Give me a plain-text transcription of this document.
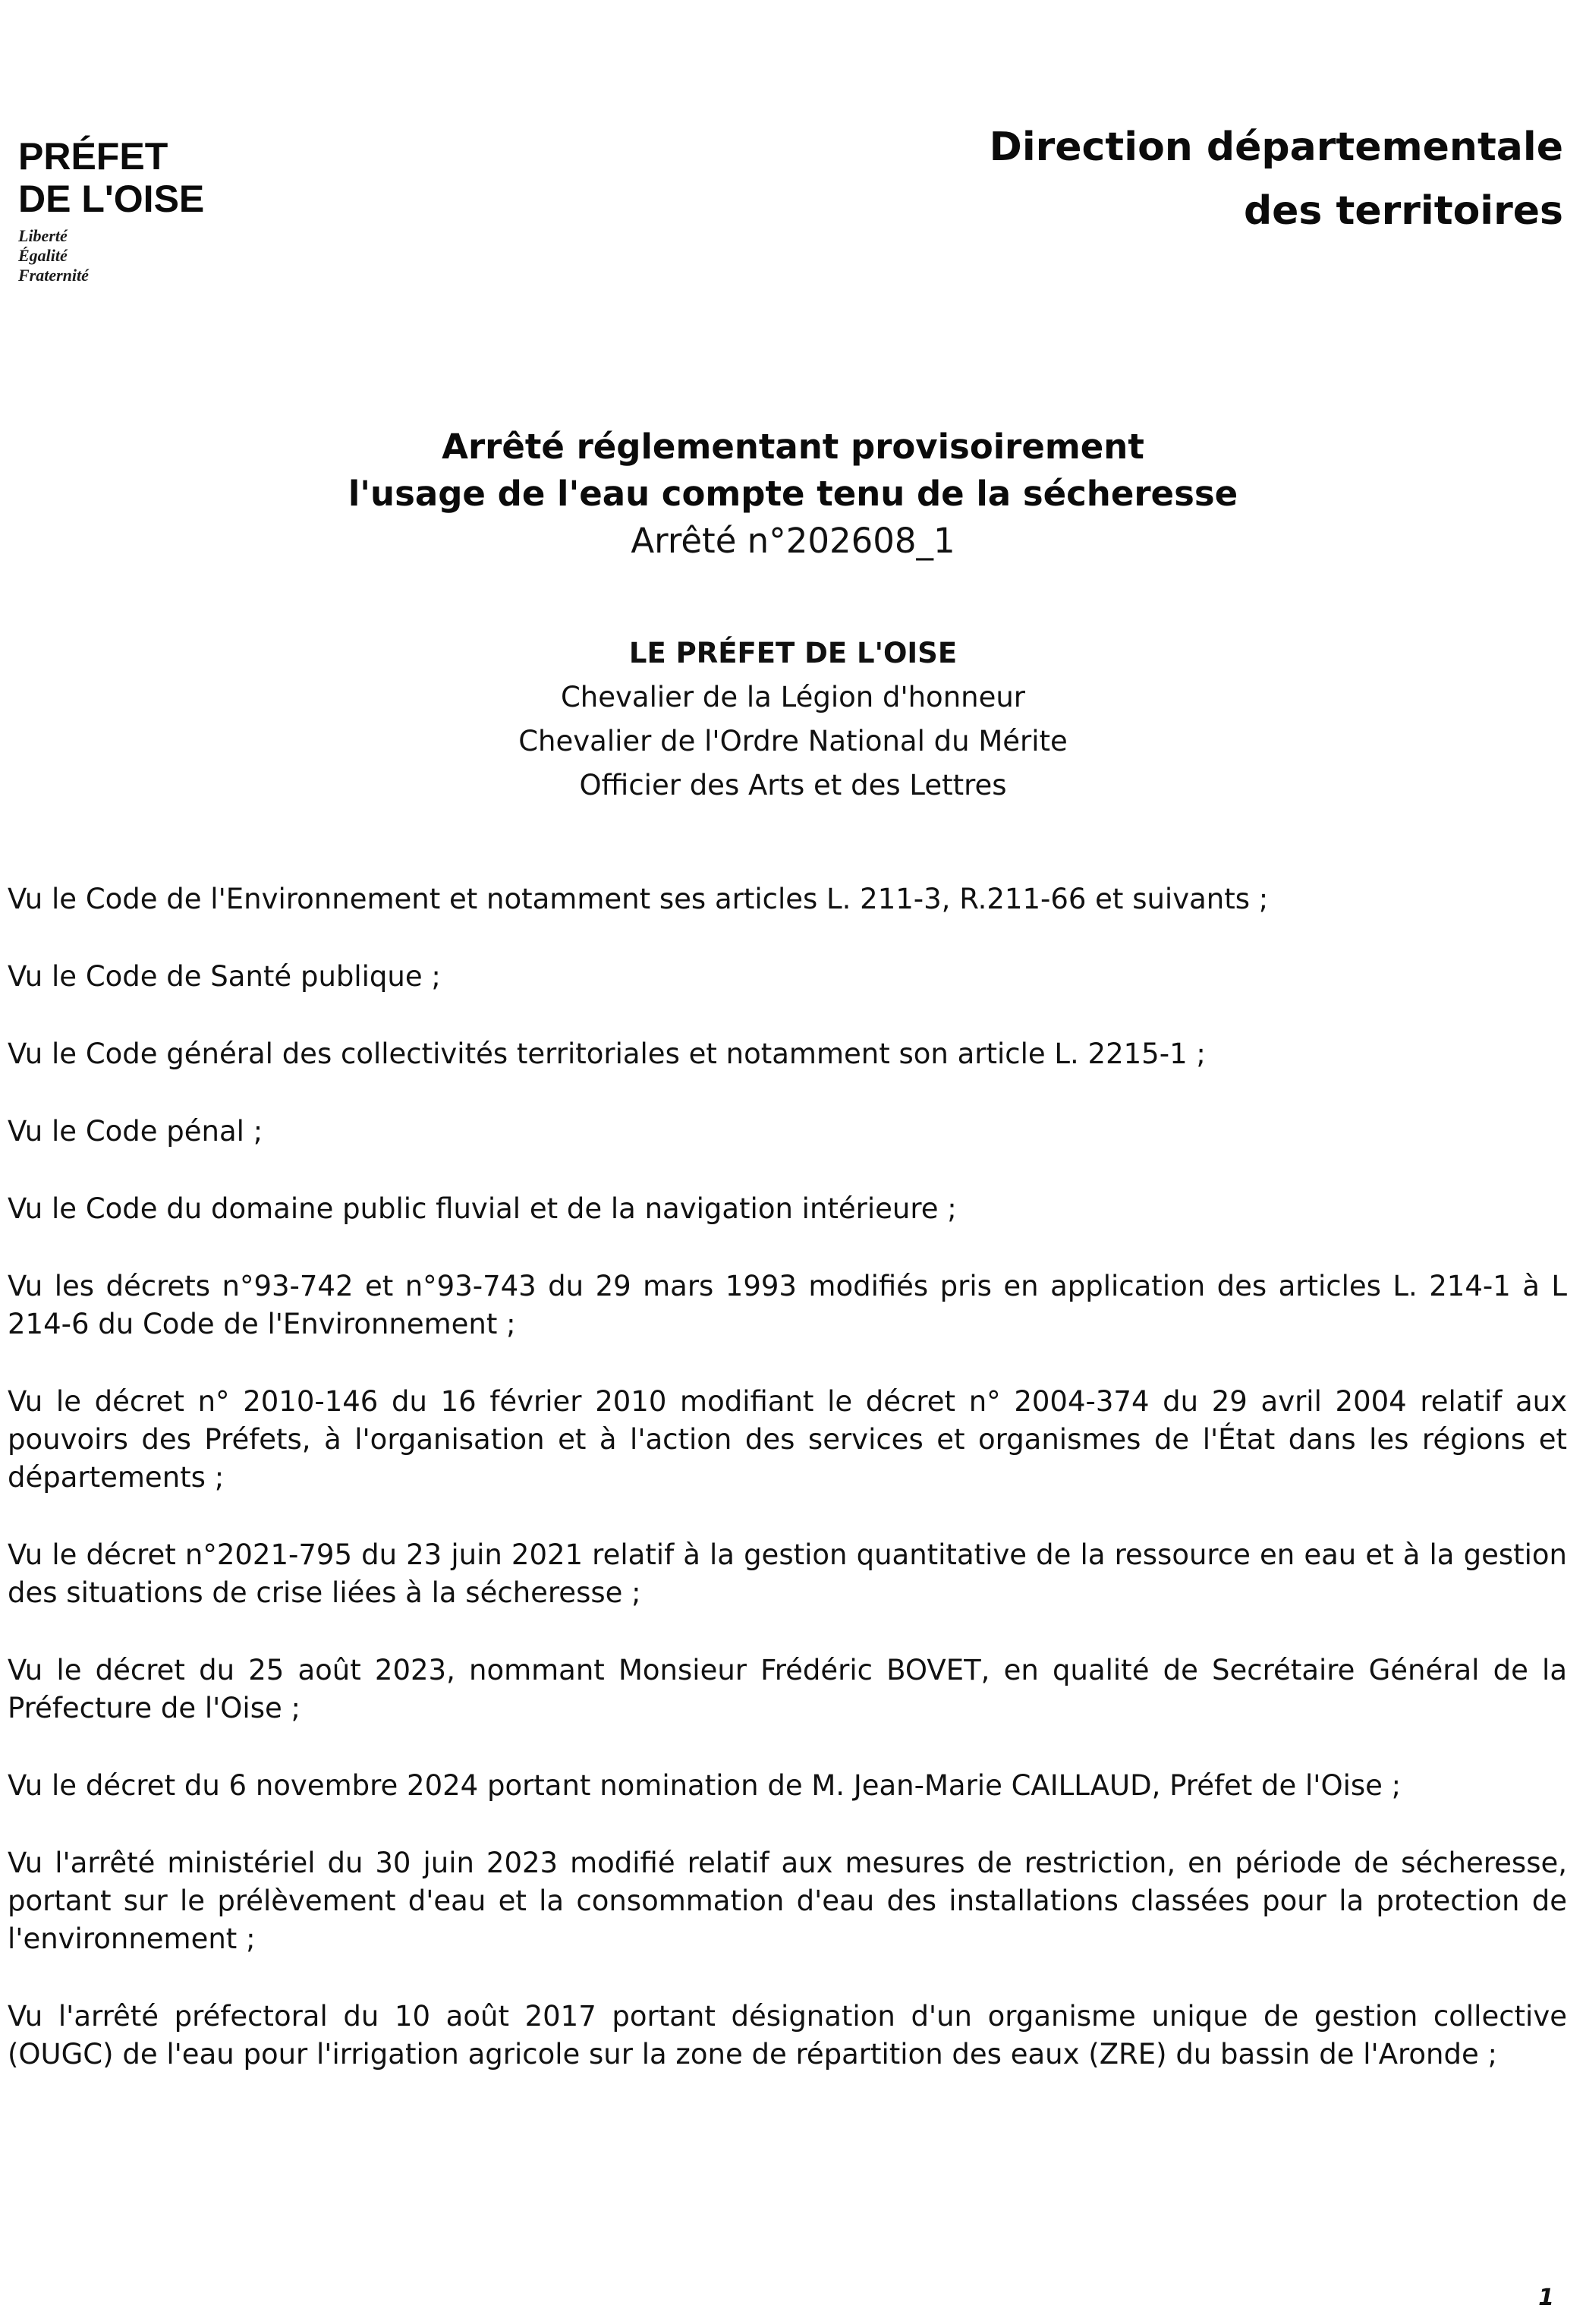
PRÉFET
DE L'OISE
Liberté
Égalité
Fraternité
Direction départementale
des territoires
Arrêté réglementant provisoirement
l'usage de l'eau compte tenu de la sécheresse
Arrêté n°202608_1
LE PRÉFET DE L'OISE
Chevalier de la Légion d'honneur
Chevalier de l'Ordre National du Mérite
Officier des Arts et des Lettres

Vu le Code de l'Environnement et notamment ses articles L. 211-3, R.211-66 et suivants ;

Vu le Code de Santé publique ;

Vu le Code général des collectivités territoriales et notamment son article L. 2215-1 ;

Vu le Code pénal ;

Vu le Code du domaine public fluvial et de la navigation intérieure ;

Vu les décrets n°93-742 et n°93-743 du 29 mars 1993 modifiés pris en application des articles L. 214-1 à L 214-6 du Code de l'Environnement ;

Vu le décret n° 2010-146 du 16 février 2010 modifiant le décret n° 2004-374 du 29 avril 2004 relatif aux pouvoirs des Préfets, à l'organisation et à l'action des services et organismes de l'État dans les régions et départements ;

Vu le décret n°2021-795 du 23 juin 2021 relatif à la gestion quantitative de la ressource en eau et à la gestion des situations de crise liées à la sécheresse ;

Vu le décret du 25 août 2023, nommant Monsieur Frédéric BOVET, en qualité de Secrétaire Général de la Préfecture de l'Oise ;

Vu le décret du 6 novembre 2024 portant nomination de M. Jean-Marie CAILLAUD, Préfet de l'Oise ;

Vu l'arrêté ministériel du 30 juin 2023 modifié relatif aux mesures de restriction, en période de sécheresse, portant sur le prélèvement d'eau et la consommation d'eau des installations classées pour la protection de l'environnement ;

Vu l'arrêté préfectoral du 10 août 2017 portant désignation d'un organisme unique de gestion collective (OUGC) de l'eau pour l'irrigation agricole sur la zone de répartition des eaux (ZRE) du bassin de l'Aronde ;

1
